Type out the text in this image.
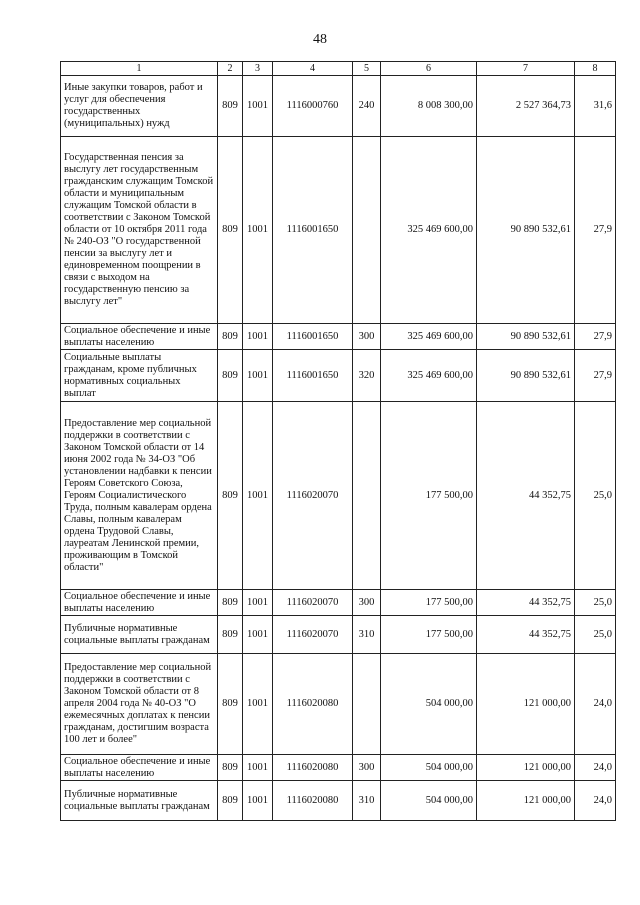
48
1	2	3	4	5	6	7	8
Иные закупки товаров, работ и услуг для обеспечения государственных (муниципальных) нужд	809	1001	1116000760	240	8 008 300,00	2 527 364,73	31,6
Государственная пенсия за выслугу лет государственным гражданским служащим Томской области и муниципальным служащим Томской области в соответствии с Законом Томской области от 10 октября 2011 года № 240-ОЗ "О государственной пенсии за выслугу лет и единовременном поощрении в связи с выходом на государственную пенсию за выслугу лет"	809	1001	1116001650		325 469 600,00	90 890 532,61	27,9
Социальное обеспечение и иные выплаты населению	809	1001	1116001650	300	325 469 600,00	90 890 532,61	27,9
Социальные выплаты гражданам, кроме публичных нормативных социальных выплат	809	1001	1116001650	320	325 469 600,00	90 890 532,61	27,9
Предоставление мер социальной поддержки в соответствии с Законом Томской области от 14 июня 2002 года № 34-ОЗ "Об установлении надбавки к пенсии Героям Советского Союза, Героям Социалистического Труда, полным кавалерам ордена Славы, полным кавалерам ордена Трудовой Славы, лауреатам Ленинской премии, проживающим в Томской области"	809	1001	1116020070		177 500,00	44 352,75	25,0
Социальное обеспечение и иные выплаты населению	809	1001	1116020070	300	177 500,00	44 352,75	25,0
Публичные нормативные социальные выплаты гражданам	809	1001	1116020070	310	177 500,00	44 352,75	25,0
Предоставление мер социальной поддержки в соответствии с Законом Томской области от 8 апреля 2004 года № 40-ОЗ "О ежемесячных доплатах к пенсии гражданам, достигшим возраста 100 лет и более"	809	1001	1116020080		504 000,00	121 000,00	24,0
Социальное обеспечение и иные выплаты населению	809	1001	1116020080	300	504 000,00	121 000,00	24,0
Публичные нормативные социальные выплаты гражданам	809	1001	1116020080	310	504 000,00	121 000,00	24,0
